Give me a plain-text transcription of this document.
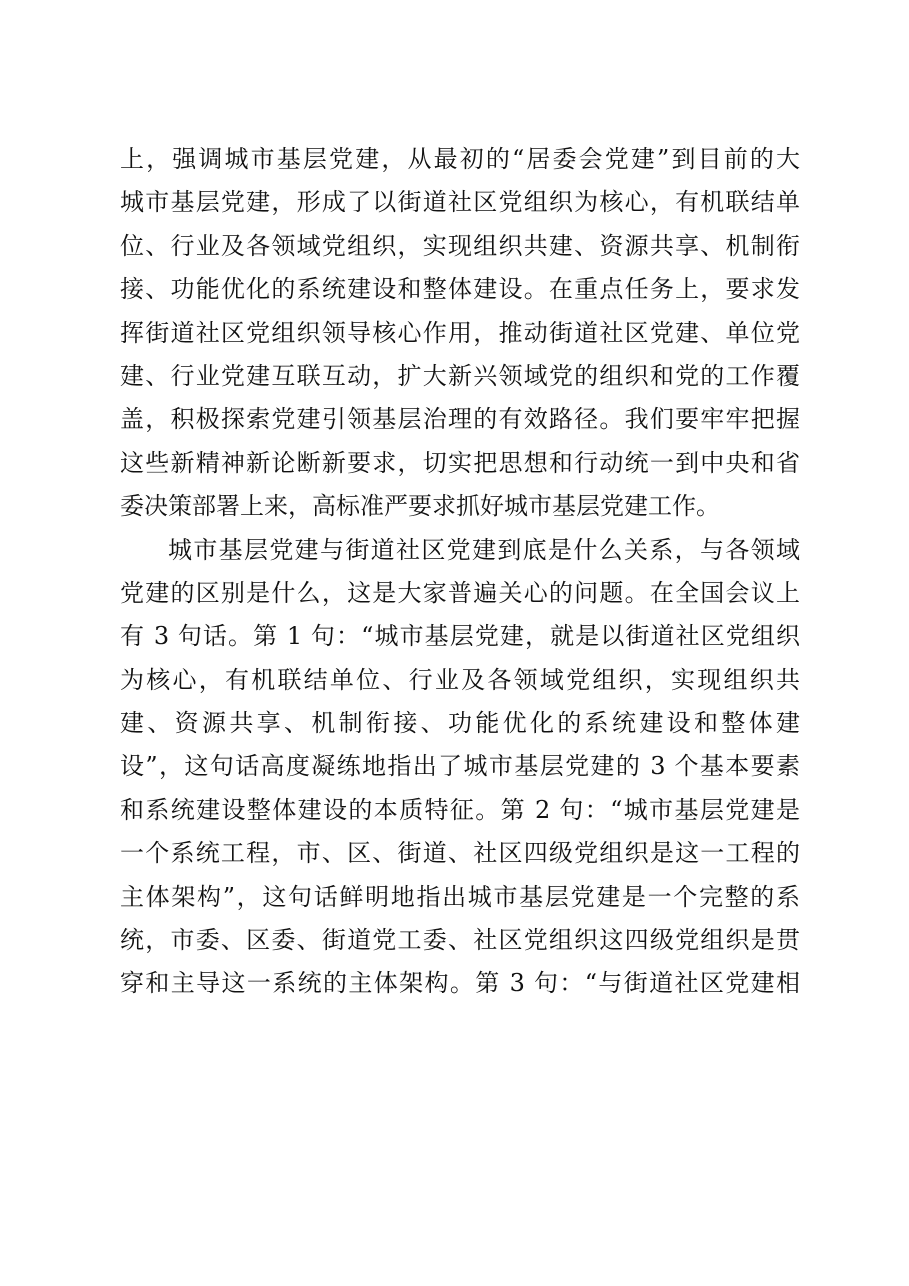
上，强调城市基层党建，从最初的“居委会党建”到目前的大
城市基层党建，形成了以街道社区党组织为核心，有机联结单
位、行业及各领域党组织，实现组织共建、资源共享、机制衔
接、功能优化的系统建设和整体建设。在重点任务上，要求发
挥街道社区党组织领导核心作用，推动街道社区党建、单位党
建、行业党建互联互动，扩大新兴领域党的组织和党的工作覆
盖，积极探索党建引领基层治理的有效路径。我们要牢牢把握
这些新精神新论断新要求，切实把思想和行动统一到中央和省
委决策部署上来，高标准严要求抓好城市基层党建工作。
城市基层党建与街道社区党建到底是什么关系，与各领域
党建的区别是什么，这是大家普遍关心的问题。在全国会议上
有 3 句话。第 1 句：“城市基层党建，就是以街道社区党组织
为核心，有机联结单位、行业及各领域党组织，实现组织共
建、资源共享、机制衔接、功能优化的系统建设和整体建
设”，这句话高度凝练地指出了城市基层党建的 3 个基本要素
和系统建设整体建设的本质特征。第 2 句：“城市基层党建是
一个系统工程，市、区、街道、社区四级党组织是这一工程的
主体架构”，这句话鲜明地指出城市基层党建是一个完整的系
统，市委、区委、街道党工委、社区党组织这四级党组织是贯
穿和主导这一系统的主体架构。第 3 句：“与街道社区党建相
